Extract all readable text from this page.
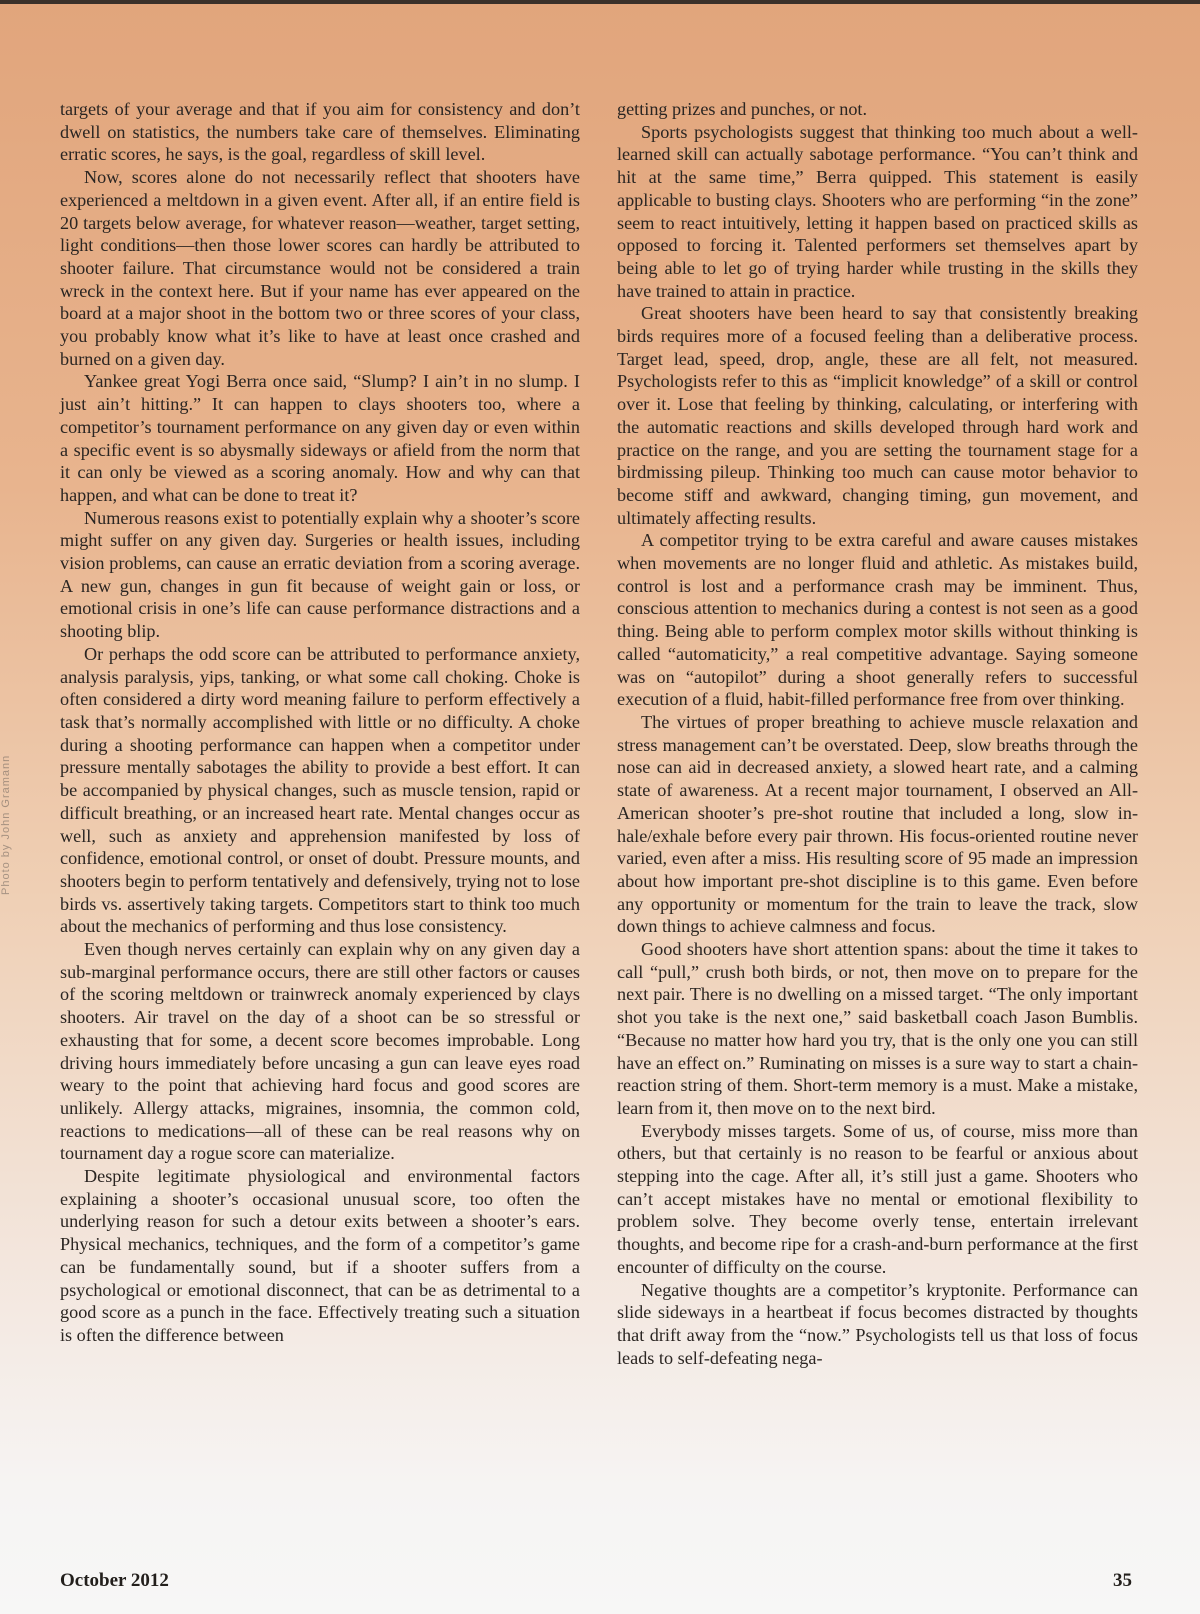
targets of your average and that if you aim for consistency and don’t dwell on statistics, the numbers take care of themselves. Eliminating erratic scores, he says, is the goal, regardless of skill level.

Now, scores alone do not necessarily reflect that shooters have experienced a meltdown in a given event. After all, if an entire field is 20 targets below average, for whatever reason—weather, target setting, light conditions—then those lower scores can hardly be attributed to shooter failure. That circumstance would not be considered a train wreck in the context here. But if your name has ever appeared on the board at a major shoot in the bottom two or three scores of your class, you probably know what it’s like to have at least once crashed and burned on a given day.

Yankee great Yogi Berra once said, “Slump? I ain’t in no slump. I just ain’t hitting.” It can happen to clays shooters too, where a competitor’s tournament performance on any given day or even within a specific event is so abysmally sideways or afield from the norm that it can only be viewed as a scoring anomaly. How and why can that happen, and what can be done to treat it?

Numerous reasons exist to potentially explain why a shooter’s score might suffer on any given day. Surgeries or health issues, including vision problems, can cause an erratic deviation from a scoring average. A new gun, changes in gun fit because of weight gain or loss, or emotional crisis in one’s life can cause performance distractions and a shooting blip.

Or perhaps the odd score can be attributed to performance anxiety, analysis paralysis, yips, tanking, or what some call choking. Choke is often considered a dirty word meaning failure to perform effectively a task that’s normally accomplished with little or no difficulty. A choke during a shooting performance can happen when a competitor under pressure mentally sabotages the ability to provide a best effort. It can be accompanied by physical changes, such as muscle tension, rapid or difficult breathing, or an increased heart rate. Mental changes occur as well, such as anxiety and apprehension manifested by loss of confidence, emotional control, or onset of doubt. Pressure mounts, and shooters begin to perform tentatively and defensively, trying not to lose birds vs. assertively taking targets. Competitors start to think too much about the mechanics of performing and thus lose consistency.

Even though nerves certainly can explain why on any given day a sub-marginal performance occurs, there are still other factors or causes of the scoring meltdown or trainwreck anomaly experienced by clays shooters. Air travel on the day of a shoot can be so stressful or exhausting that for some, a decent score becomes improbable. Long driving hours immediately before uncasing a gun can leave eyes road weary to the point that achieving hard focus and good scores are unlikely. Allergy attacks, migraines, insomnia, the common cold, reactions to medications—all of these can be real reasons why on tournament day a rogue score can materialize.

Despite legitimate physiological and environmental factors explaining a shooter’s occasional unusual score, too often the underlying reason for such a detour exits between a shooter’s ears. Physical mechanics, techniques, and the form of a competitor’s game can be fundamentally sound, but if a shooter suffers from a psychological or emotional disconnect, that can be as detrimental to a good score as a punch in the face. Effectively treating such a situation is often the difference between

getting prizes and punches, or not.

Sports psychologists suggest that thinking too much about a well-learned skill can actually sabotage performance. “You can’t think and hit at the same time,” Berra quipped. This statement is easily applicable to busting clays. Shooters who are performing “in the zone” seem to react intuitively, letting it happen based on practiced skills as opposed to forcing it. Talented performers set themselves apart by being able to let go of trying harder while trusting in the skills they have trained to attain in practice.

Great shooters have been heard to say that consistently breaking birds requires more of a focused feeling than a deliberative process. Target lead, speed, drop, angle, these are all felt, not measured. Psychologists refer to this as “implicit knowledge” of a skill or control over it. Lose that feeling by thinking, calculating, or interfering with the automatic reactions and skills developed through hard work and practice on the range, and you are setting the tournament stage for a birdmissing pileup. Thinking too much can cause motor behavior to become stiff and awkward, changing timing, gun movement, and ultimately affecting results.

A competitor trying to be extra careful and aware causes mistakes when movements are no longer fluid and athletic. As mistakes build, control is lost and a performance crash may be imminent. Thus, conscious attention to mechanics during a contest is not seen as a good thing. Being able to perform complex motor skills without thinking is called “automaticity,” a real competitive advantage. Saying someone was on “autopilot” during a shoot generally refers to successful execution of a fluid, habit-filled performance free from over thinking.

The virtues of proper breathing to achieve muscle relaxation and stress management can’t be overstated. Deep, slow breaths through the nose can aid in decreased anxiety, a slowed heart rate, and a calming state of awareness. At a recent major tournament, I observed an All-American shooter’s pre-shot routine that included a long, slow inhale/exhale before every pair thrown. His focus-oriented routine never varied, even after a miss. His resulting score of 95 made an impression about how important pre-shot discipline is to this game. Even before any opportunity or momentum for the train to leave the track, slow down things to achieve calmness and focus.

Good shooters have short attention spans: about the time it takes to call “pull,” crush both birds, or not, then move on to prepare for the next pair. There is no dwelling on a missed target. “The only important shot you take is the next one,” said basketball coach Jason Bumblis. “Because no matter how hard you try, that is the only one you can still have an effect on.” Ruminating on misses is a sure way to start a chain-reaction string of them. Short-term memory is a must. Make a mistake, learn from it, then move on to the next bird.

Everybody misses targets. Some of us, of course, miss more than others, but that certainly is no reason to be fearful or anxious about stepping into the cage. After all, it’s still just a game. Shooters who can’t accept mistakes have no mental or emotional flexibility to problem solve. They become overly tense, entertain irrelevant thoughts, and become ripe for a crash-and-burn performance at the first encounter of difficulty on the course.

Negative thoughts are a competitor’s kryptonite. Performance can slide sideways in a heartbeat if focus becomes distracted by thoughts that drift away from the “now.” Psychologists tell us that loss of focus leads to self-defeating nega-

Photo by John Gramann
October 2012	35
